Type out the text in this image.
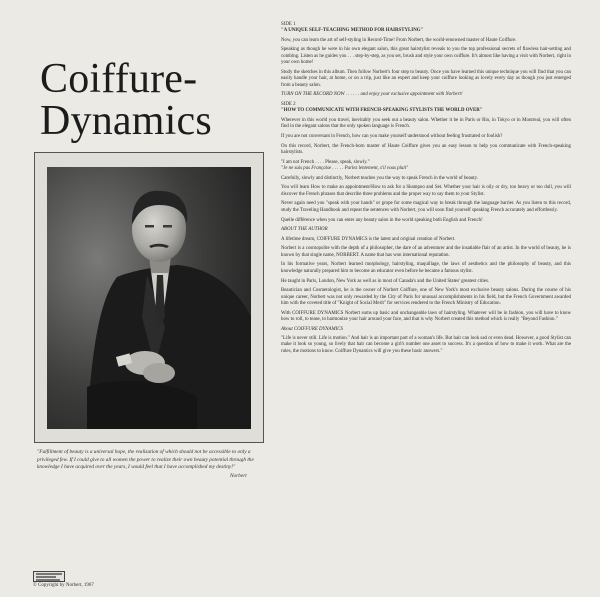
Coiffure-
Dynamics
"Fulfillment of beauty is a universal hope, the realization of which should not be accessible to only a privileged few. If I could give to all women the power to realize their own beauty potential through the knowledge I have acquired over the years, I would feel that I have accomplished my destiny!"
Norbert
© Copyright by Norbert, 1967

SIDE 1

"A UNIQUE SELF-TEACHING METHOD FOR HAIRSTYLING"

Now, you can learn the art of self-styling in Record-Time! From Norbert, the world-renowned master of Haute Coiffure.

Speaking as though he were in his own elegant salon, this great hairstylist reveals to you the top professional secrets of flawless hair-setting and combing. Listen as he guides you . . . step-by-step, as you set, brush and style your own coiffure. It's almost like having a visit with Norbert, right in your own home!

Study the sketches in this album. Then follow Norbert's four step to beauty. Once you have learned this unique technique you will find that you can easily handle your hair, at home, or on a trip, just like an expert and keep your coiffure looking as lovely every day as though you just emerged from a beauty salon.

TURN ON THE RECORD NOW . . . . . . and enjoy your exclusive appointment with Norbert!

SIDE 2

"HOW TO COMMUNICATE WITH FRENCH-SPEAKING STYLISTS THE WORLD OVER"

Wherever in this world you travel, inevitably you seek out a beauty salon. Whether it be in Paris or Rio, in Tokyo or in Montreal, you will often find in the elegant salons that the only spoken language is French.

If you are not conversant in French, how can you make yourself understood without feeling frustrated or foolish?

On this record, Norbert, the French-born master of Haute Coiffure gives you an easy lesson to help you communicate with French-speaking hairstylists.

"I am not French . . . . Please, speak, slowly."

"Je ne suis pas Française . . . . . Parlez lentement, s'il vous plait"

Carefully, slowly and distinctly, Norbert teaches you the way to speak French in the world of beauty.

You will learn How to make an appointment/How to ask for a Shampoo and Set. Whether your hair is oily or dry, too heavy or too dull, you will discover the French phrases that describe three problems and the proper way to say them to your Stylist.

Never again need you "speak with your hands" or grope for some magical way to break through the language barrier. As you listen to this record, study the Traveling Handbook and repeat the sentences with Norbert, you will soon find yourself speaking French accurately and effortlessly.

Quelle différence when you can enter any beauty salon in the world speaking both English and French!

ABOUT THE AUTHOR

A lifetime dream, COIFFURE DYNAMICS is the latest and original creation of Norbert.

Norbert is a cosmopolite with the depth of a philosopher, the dare of an adventurer and the insatiable flair of an artist. In the world of beauty, he is known by that single name, NORBERT. A name that has won international reputation.

In his formative years, Norbert learned morphology, hairstyling, maquillage, the laws of aesthetics and the philosophy of beauty, and this knowledge naturally prepared him to become an educator even before he became a famous stylist.

He taught in Paris, London, New York as well as in most of Canada's and the United States' greatest cities.

Beautician and Cosmetologist, he is the owner of Norbert Coiffure, one of New York's most exclusive beauty salons. During the course of his unique career, Norbert was not only rewarded by the City of Paris for unusual accomplishments in his field, but the French Government awarded him with the coveted title of "Knight of Social Merit" for services rendered to the French Ministry of Education.

With COIFFURE DYNAMICS Norbert sums up basic and unchangeable laws of hairstyling. Whatever will be in fashion, you will have to know how to roll, to tease, to harmonize your hair around your face, and that is why Norbert created this method which is really "Beyond Fashion."

About COIFFURE DYNAMICS

"Life is never still. Life is motion." And hair is an important part of a woman's life. But hair can look sad or even dead. However, a good Stylist can make it look so young, so lively that hair can become a girl's number one asset to success. It's a question of how to make it work. What are the rules, the motions to know. Coiffure Dynamics will give you these basic answers."
